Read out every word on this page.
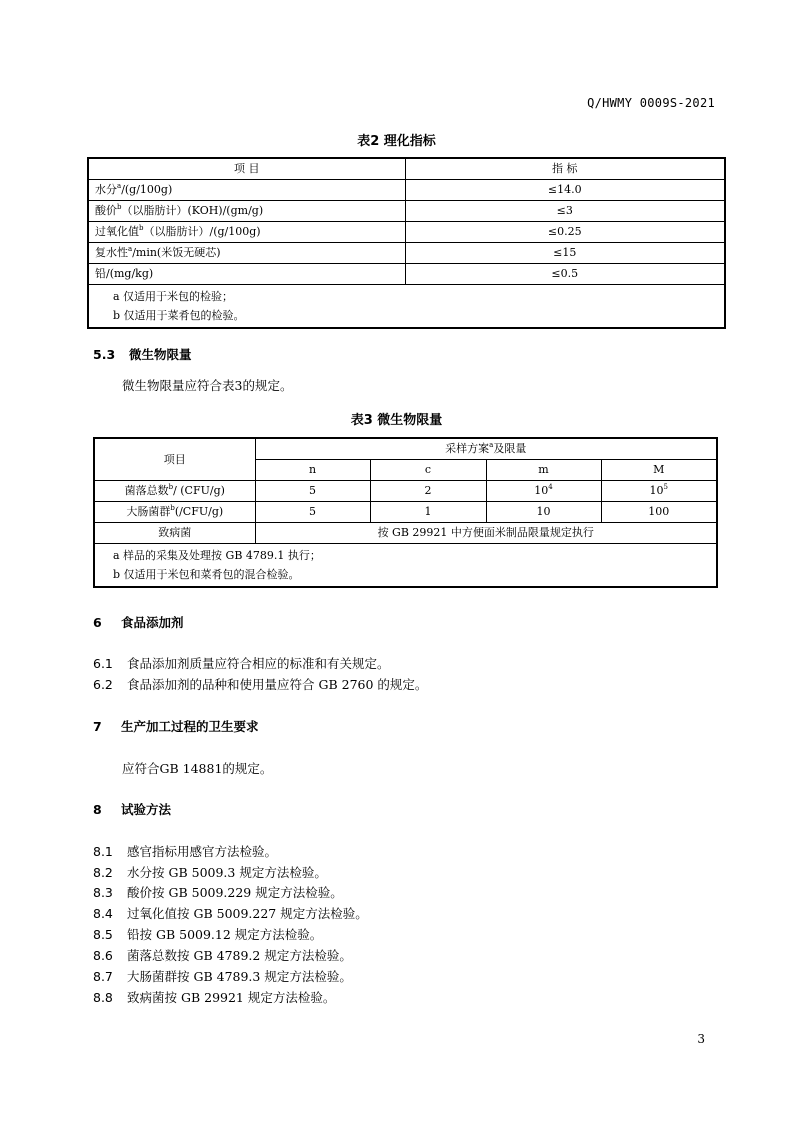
Q/HWMY 0009S-2021
表2 理化指标
项 目	指 标
水分$^a$/(g/100g)	≤14.0
酸价$^b$（以脂肪计）(KOH)/(gm/g)	≤3
过氧化值$^b$（以脂肪计）/(g/100g)	≤0.25
复水性$^a$/min(米饭无硬芯)	≤15
铅/(mg/kg)	≤0.5

a 仅适用于米包的检验；
b 仅适用于菜肴包的检验。	
5.3 微生物限量
微生物限量应符合表3的规定。
表3 微生物限量
项目	采样方案$^a$及限量			
	n	c	m	M
菌落总数$^b$/ (CFU/g)	5	2	$10^4$	$10^5$
大肠菌群$^b$(/CFU/g)	5	1	10	100
致病菌	按 GB 29921 中方便面米制品限量规定执行			

a 样品的采集及处理按 GB 4789.1 执行；
b 仅适用于米包和菜肴包的混合检验。				
6 食品添加剂
6.1 食品添加剂质量应符合相应的标准和有关规定。
6.2 食品添加剂的品种和使用量应符合 GB 2760 的规定。
7 生产加工过程的卫生要求
应符合GB 14881的规定。
8 试验方法
8.1 感官指标用感官方法检验。
8.2 水分按 GB 5009.3 规定方法检验。
8.3 酸价按 GB 5009.229 规定方法检验。
8.4 过氧化值按 GB 5009.227 规定方法检验。
8.5 铅按 GB 5009.12 规定方法检验。
8.6 菌落总数按 GB 4789.2 规定方法检验。
8.7 大肠菌群按 GB 4789.3 规定方法检验。
8.8 致病菌按 GB 29921 规定方法检验。
3
